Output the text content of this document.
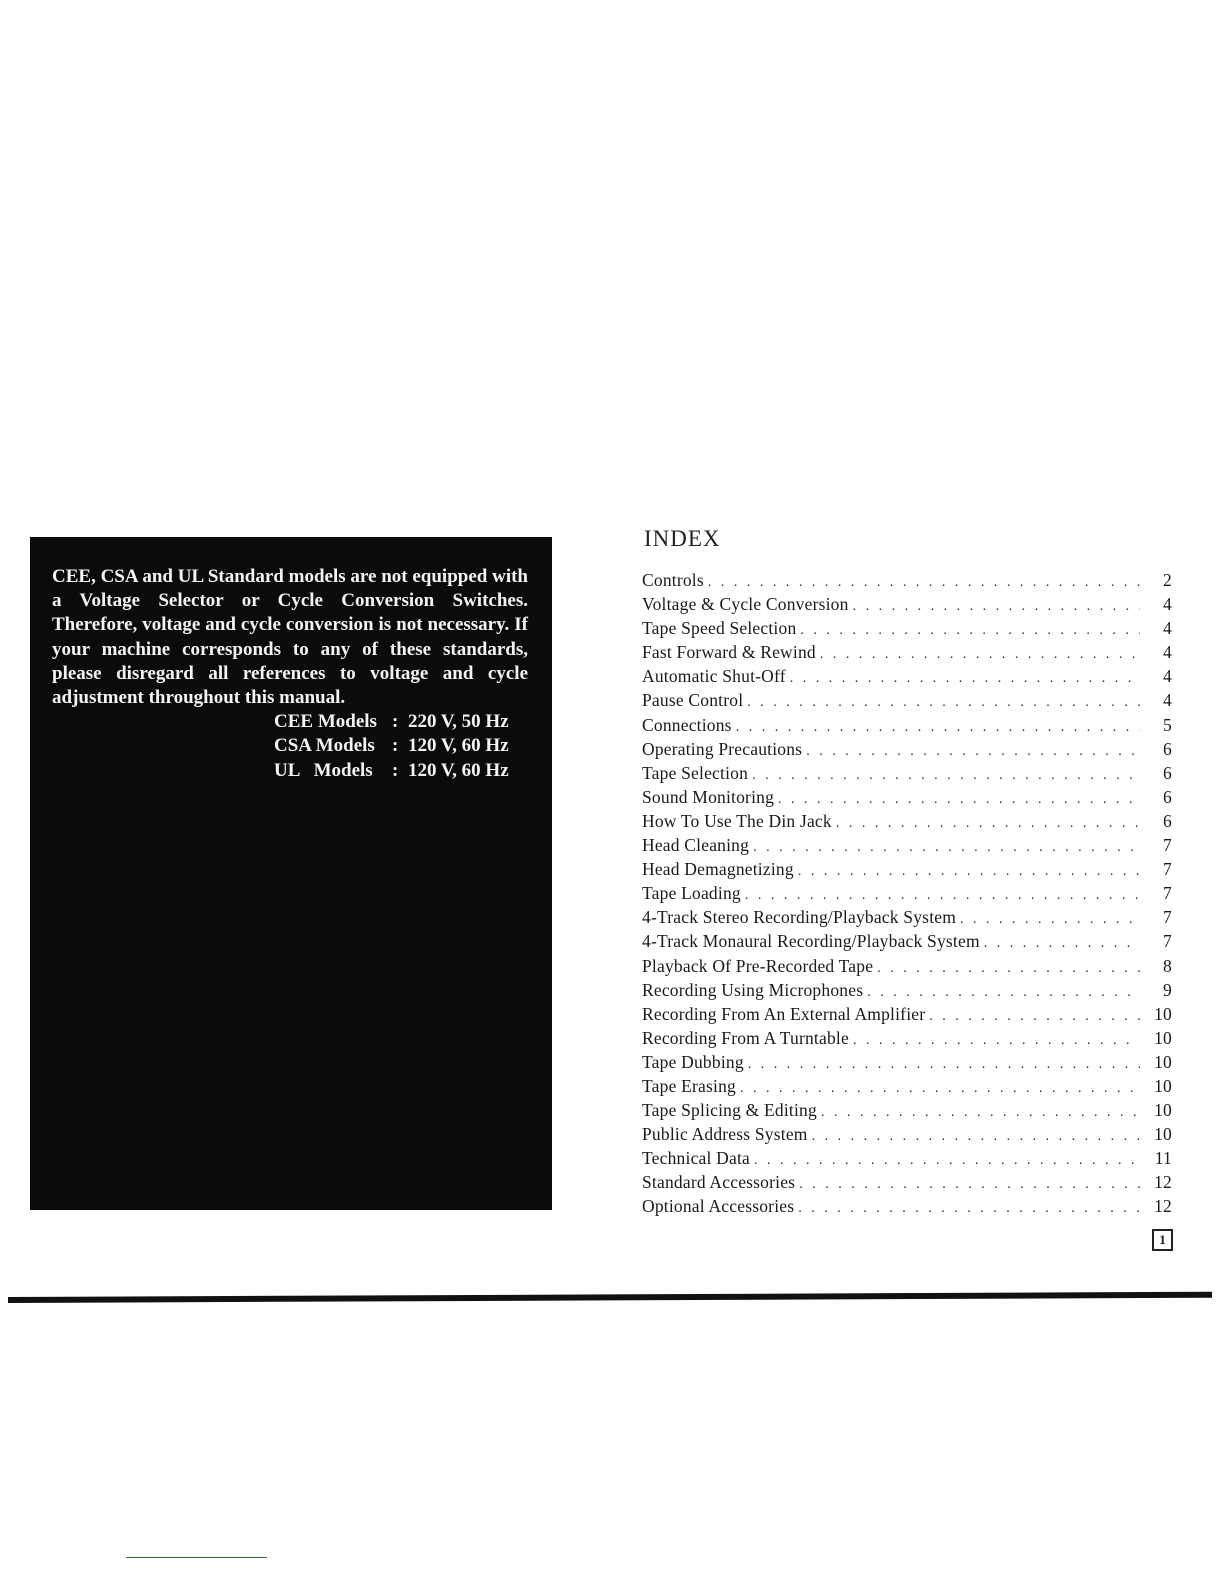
CEE, CSA and UL Standard models are not equipped with a Voltage Selector or Cycle Conversion Switches. Therefore, voltage and cycle conversion is not necessary. If your machine corresponds to any of these standards, please disregard all references to voltage and cycle adjustment throughout this manual.

CEE Models : 220 V, 50 Hz
CSA Models : 120 V, 60 Hz
UL   Models	: 120 V, 60 Hz
INDEX
Controls . . .	2
Voltage & Cycle Conversion . . .	4
Tape Speed Selection . . .	4
Fast Forward & Rewind . . .	4
Automatic Shut-Off . . .	4
Pause Control . . .	4
Connections . . .	5
Operating Precautions . . .	6
Tape Selection . . .	6
Sound Monitoring . . .	6
How To Use The Din Jack . . .	6
Head Cleaning . . .	7
Head Demagnetizing . . .	7
Tape Loading . . .	7
4-Track Stereo Recording/Playback System . . .	7
4-Track Monaural Recording/Playback System . . .	7
Playback Of Pre-Recorded Tape . . .	8
Recording Using Microphones . . .	9
Recording From An External Amplifier . . .	10
Recording From A Turntable . . .	10
Tape Dubbing . . .	10
Tape Erasing . . .	10
Tape Splicing & Editing . . .	10
Public Address System . . .	10
Technical Data . . .	11
Standard Accessories . . .	12
Optional Accessories . . .	12
1
